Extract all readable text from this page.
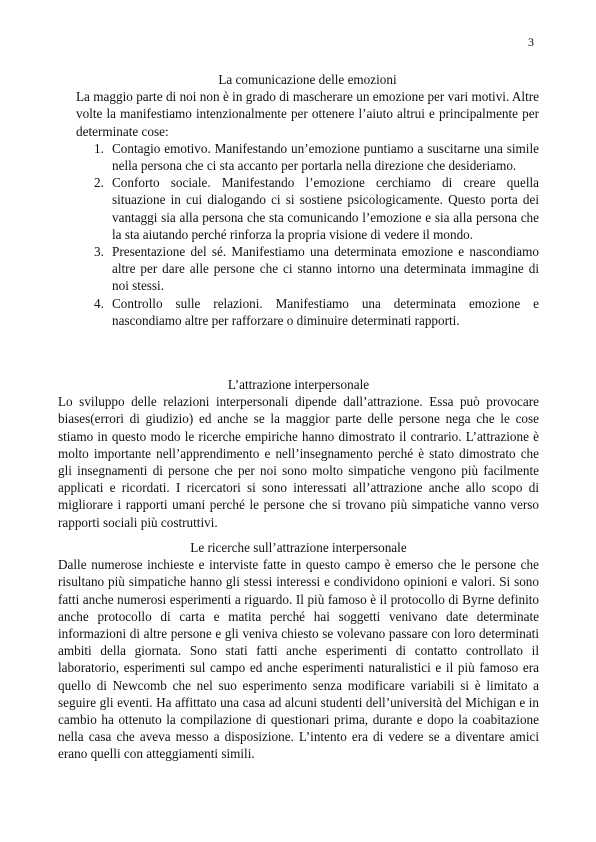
3

La comunicazione delle emozioni

La maggio parte di noi non è in grado di mascherare un emozione per vari motivi. Altre volte la manifestiamo intenzionalmente per ottenere l’aiuto altrui e principalmente per determinate cose:

1. Contagio emotivo. Manifestando un’emozione puntiamo a suscitarne una simile nella persona che ci sta accanto per portarla nella direzione che desideriamo.
2. Conforto sociale. Manifestando l’emozione cerchiamo di creare quella situazione in cui dialogando ci si sostiene psicologicamente. Questo porta dei vantaggi sia alla persona che sta comunicando l’emozione e sia alla persona che la sta aiutando perché rinforza la propria visione di vedere il mondo.
3. Presentazione del sé. Manifestiamo una determinata emozione e nascondiamo altre per dare alle persone che ci stanno intorno una determinata immagine di noi stessi.
4. Controllo sulle relazioni. Manifestiamo una determinata emozione e nascondiamo altre per rafforzare o diminuire determinati rapporti.

L’attrazione interpersonale

Lo sviluppo delle relazioni interpersonali dipende dall’attrazione. Essa può provocare biases(errori di giudizio) ed anche se la maggior parte delle persone nega che le cose stiamo in questo modo le ricerche empiriche hanno dimostrato il contrario. L’attrazione è molto importante nell’apprendimento e nell’insegnamento perché è stato dimostrato che gli insegnamenti di persone che per noi sono molto simpatiche vengono più facilmente applicati e ricordati. I ricercatori si sono interessati all’attrazione anche allo scopo di migliorare i rapporti umani perché le persone che si trovano più simpatiche vanno verso rapporti sociali più costruttivi.

Le ricerche sull’attrazione interpersonale

Dalle numerose inchieste e interviste fatte in questo campo è emerso che le persone che risultano più simpatiche hanno gli stessi interessi e condividono opinioni e valori. Si sono fatti anche numerosi esperimenti a riguardo. Il più famoso è il protocollo di Byrne definito anche protocollo di carta e matita perché hai soggetti venivano date determinate informazioni di altre persone e gli veniva chiesto se volevano passare con loro determinati ambiti della giornata. Sono stati fatti anche esperimenti di contatto controllato il laboratorio, esperimenti sul campo ed anche esperimenti naturalistici e il più famoso era quello di Newcomb che nel suo esperimento senza modificare variabili si è limitato a seguire gli eventi. Ha affittato una casa ad alcuni studenti dell’università del Michigan e in cambio ha ottenuto la compilazione di questionari prima, durante e dopo la coabitazione nella casa che aveva messo a disposizione. L’intento era di vedere se a diventare amici erano quelli con atteggiamenti simili.
